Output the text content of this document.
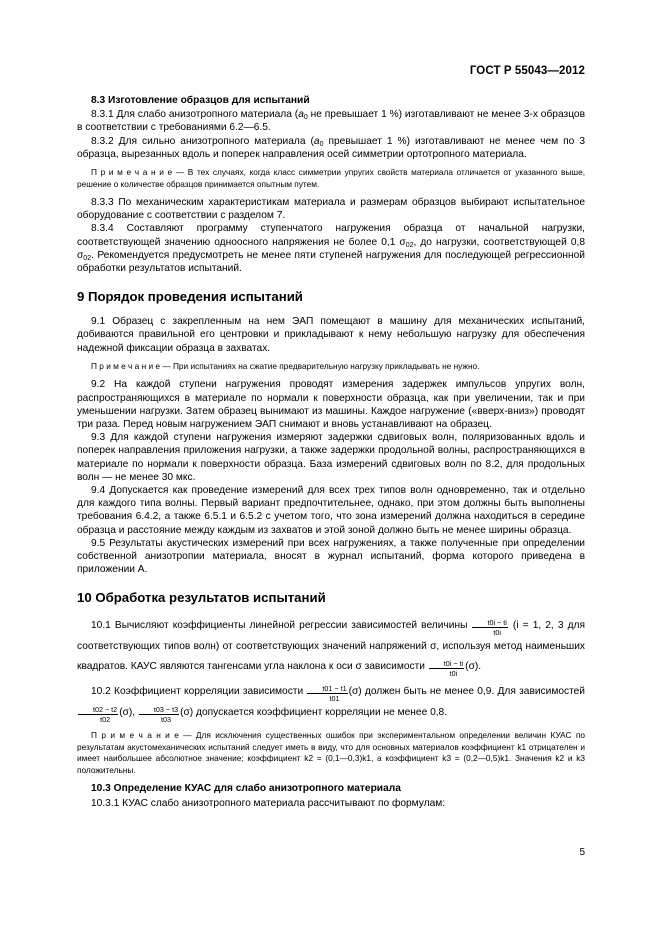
ГОСТ Р 55043—2012

8.3 Изготовление образцов для испытаний

8.3.1 Для слабо анизотропного материала ($a_0$ не превышает 1 %) изготавливают не менее 3-х образцов в соответствии с требованиями 6.2—6.5.

8.3.2 Для сильно анизотропного материала ($a_0$ превышает 1 %) изготавливают не менее чем по 3 образца, вырезанных вдоль и поперек направления осей симметрии ортотропного материала.

П р и м е ч а н и е — В тех случаях, когда класс симметрии упругих свойств материала отличается от указанного выше, решение о количестве образцов принимается опытным путем.

8.3.3 По механическим характеристикам материала и размерам образцов выбирают испытательное оборудование с соответствии с разделом 7.

8.3.4 Составляют программу ступенчатого нагружения образца от начальной нагрузки, соответствующей значению одноосного напряжения не более 0,1 $\sigma_{02}$, до нагрузки, соответствующей 0,8 $\sigma_{02}$. Рекомендуется предусмотреть не менее пяти ступеней нагружения для последующей регрессионной обработки результатов испытаний.

9 Порядок проведения испытаний

9.1 Образец с закрепленным на нем ЭАП помещают в машину для механических испытаний, добиваются правильной его центровки и прикладывают к нему небольшую нагрузку для обеспечения надежной фиксации образца в захватах.

П р и м е ч а н и е — При испытаниях на сжатие предварительную нагрузку прикладывать не нужно.

9.2 На каждой ступени нагружения проводят измерения задержек импульсов упругих волн, распространяющихся в материале по нормали к поверхности образца, как при увеличении, так и при уменьшении нагрузки. Затем образец вынимают из машины. Каждое нагружение («вверх-вниз») проводят три раза. Перед новым нагружением ЭАП снимают и вновь устанавливают на образец.

9.3 Для каждой ступени нагружения измеряют задержки сдвиговых волн, поляризованных вдоль и поперек направления приложения нагрузки, а также задержки продольной волны, распространяющихся в материале по нормали к поверхности образца. База измерений сдвиговых волн по 8.2, для продольных волн — не менее 30 мкс.

9.4 Допускается как проведение измерений для всех трех типов волн одновременно, так и отдельно для каждого типа волны. Первый вариант предпочтительнее, однако, при этом должны быть выполнены требования 6.4.2, а также 6.5.1 и 6.5.2 с учетом того, что зона измерений должна находиться в середине образца и расстояние между каждым из захватов и этой зоной должно быть не менее ширины образца.

9.5 Результаты акустических измерений при всех нагружениях, а также полученные при определении собственной анизотропии материала, вносят в журнал испытаний, форма которого приведена в приложении А.

10 Обработка результатов испытаний

10.1 Вычисляют коэффициенты линейной регрессии зависимостей величины $\frac{t0i - ti}{t0i} (i = 1$, 2, 3 для соответствующих типов волн) от соответствующих значений напряжений σ, используя метод наименьших квадратов. КАУС являются тангенсами угла наклона к оси σ зависимости $\frac{t0i - ti}{t0i} (\sigma)$.

10.2 Коэффициент корреляции зависимости $\frac{t01 - t1}{t01} (\sigma)$ должен быть не менее 0,9. Для зависимостей
$\frac{t02 - t2}{t02} (\sigma)$, $\frac{t03 - t3}{t03} (\sigma)$ допускается коэффициент корреляции не менее 0,8.

П р и м е ч а н и е — Для исключения существенных ошибок при экспериментальном определении величин КУАС по результатам акустомеханических испытаний следует иметь в виду, что для основных материалов коэффициент k1 отрицателен и имеет наибольшее абсолютное значение; коэффициент k2 = (0,1—0,3)k1, а коэффициент k3 = (0,2—0,5)k1. Значения k2 и k3 положительны.

10.3 Определение КУАС для слабо анизотропного материала

10.3.1 КУАС слабо анизотропного материала рассчитывают по формулам:

5
